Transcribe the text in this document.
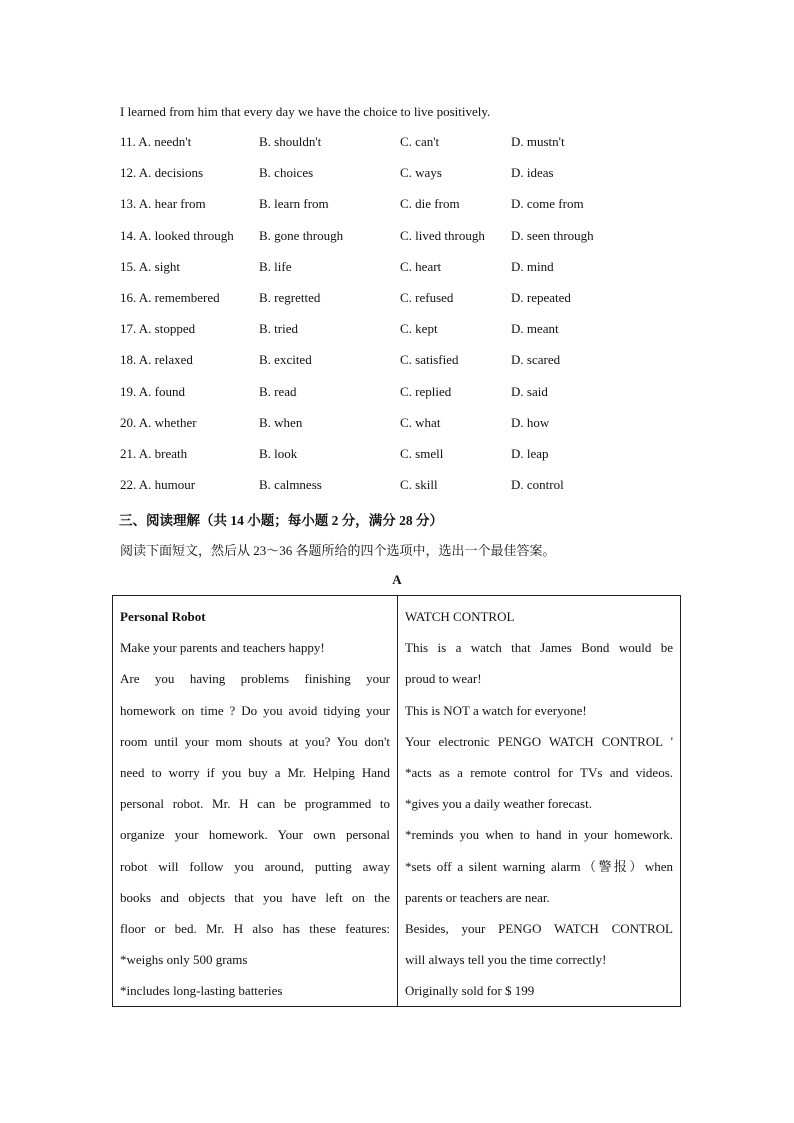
I learned from him that every day we have the choice to live positively.
11. A. needn't	B. shouldn't	C. can't	D. mustn't
12. A. decisions	B. choices	C. ways	D. ideas
13. A. hear from	B. learn from	C. die from	D. come from
14. A. looked through B. gone through	C. lived through D. seen through
15. A. sight	B. life	C. heart	D. mind
16. A. remembered	B. regretted	C. refused	D. repeated
17. A. stopped	B. tried	C. kept	D. meant
18. A. relaxed	B. excited	C. satisfied	D. scared
19. A. found	B. read	C. replied	D. said
20. A. whether	B. when	C. what	D. how
21. A. breath	B. look	C. smell	D. leap
22. A. humour	B. calmness	C. skill	D. control
三、阅读理解（共 14 小题；每小题 2 分，满分 28 分）
阅读下面短文，然后从 23～36 各题所给的四个选项中，选出一个最佳答案。
A
Personal Robot
Make your parents and teachers happy!
Are you having problems finishing your
homework on time ? Do you avoid tidying your
room until your mom shouts at you? You don't
need to worry if you buy a Mr. Helping Hand
personal robot. Mr. H can be programmed to
organize your homework. Your own personal
robot will follow you around, putting away
books and objects that you have left on the
floor or bed. Mr. H also has these features:
*weighs only 500 grams
*includes long-lasting batteries

WATCH CONTROL
This is a watch that James Bond would be
proud to wear!
This is NOT a watch for everyone!
Your electronic PENGO WATCH CONTROL '
*acts as a remote control for TVs and videos.
*gives you a daily weather forecast.
*reminds you when to hand in your homework.
*sets off a silent warning alarm（警报）when
parents or teachers are near.
Besides, your PENGO WATCH CONTROL
will always tell you the time correctly!
Originally sold for $ 199
